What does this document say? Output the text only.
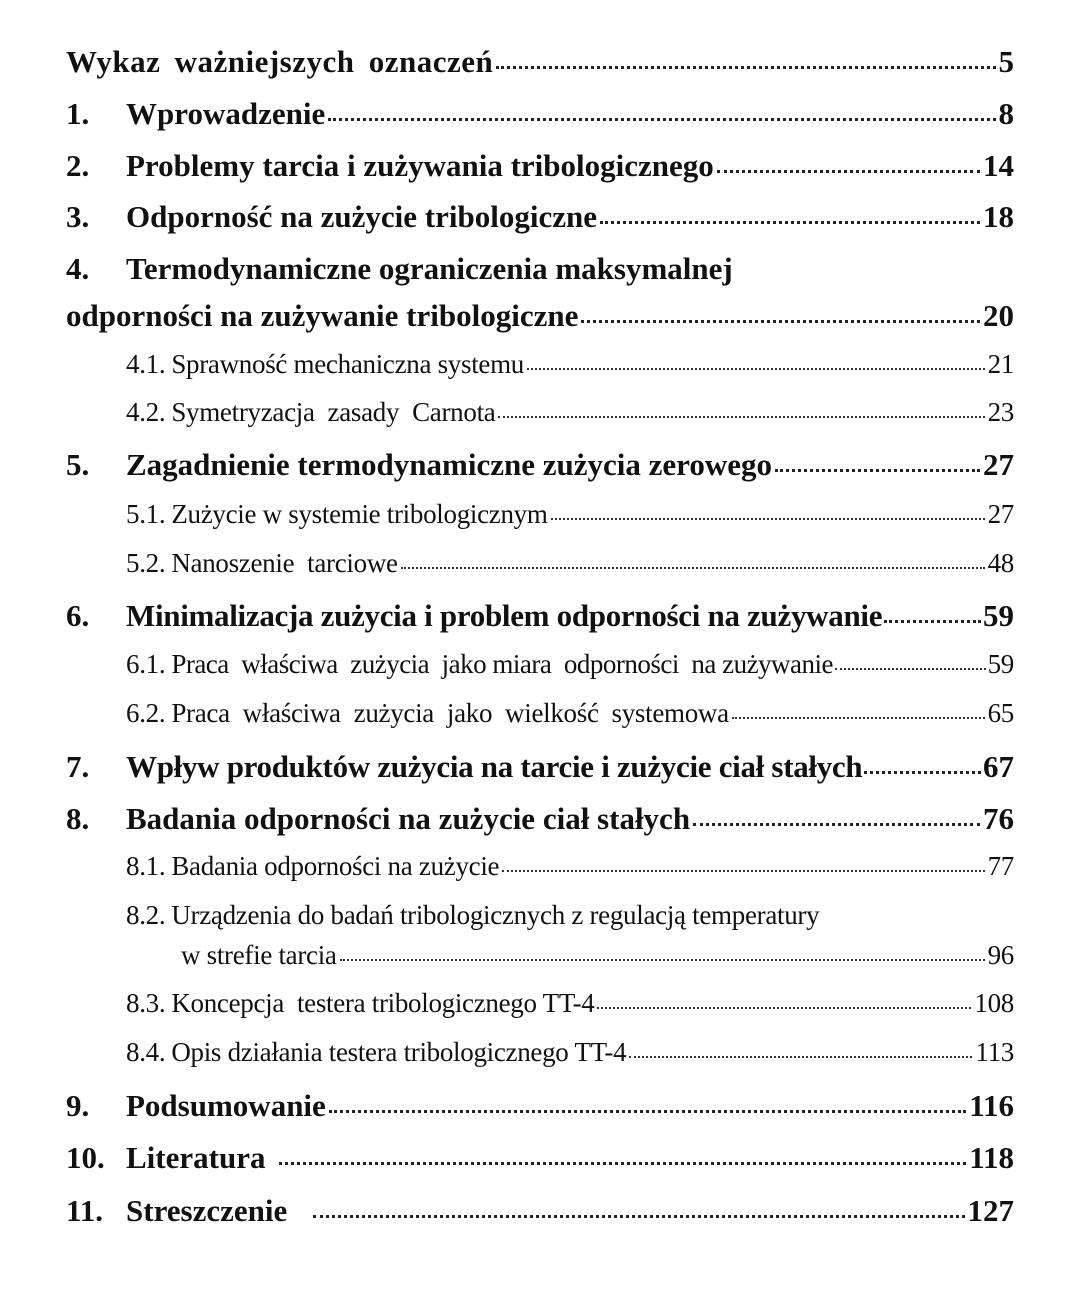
Wykaz ważniejszych oznaczeń	5
1.	Wprowadzenie	8
2.	Problemy tarcia i zużywania tribologicznego	14
3.	Odporność na zużycie tribologiczne	18
4.	Termodynamiczne ograniczenia maksymalnej
odporności na zużywanie tribologiczne	20
4.1. Sprawność mechaniczna systemu	21
4.2. Symetryzacja  zasady  Carnota	23
5.	Zagadnienie termodynamiczne zużycia zerowego	27
5.1. Zużycie w systemie tribologicznym	27
5.2. Nanoszenie  tarciowe	48
6.	Minimalizacja zużycia i problem odporności na zużywanie	59
6.1. Praca  właściwa  zużycia  jako miara  odporności  na zużywanie	59
6.2. Praca  właściwa  zużycia  jako  wielkość  systemowa	65
7.	Wpływ produktów zużycia na tarcie i zużycie ciał stałych	67
8.	Badania odporności na zużycie ciał stałych	76
8.1. Badania odporności na zużycie	77
8.2. Urządzenia do badań tribologicznych z regulacją temperatury
w strefie tarcia	96
8.3. Koncepcja  testera tribologicznego TT-4	108
8.4. Opis działania testera tribologicznego TT-4	113
9.	Podsumowanie	116
10. Literatura	118
11. Streszczenie	127
